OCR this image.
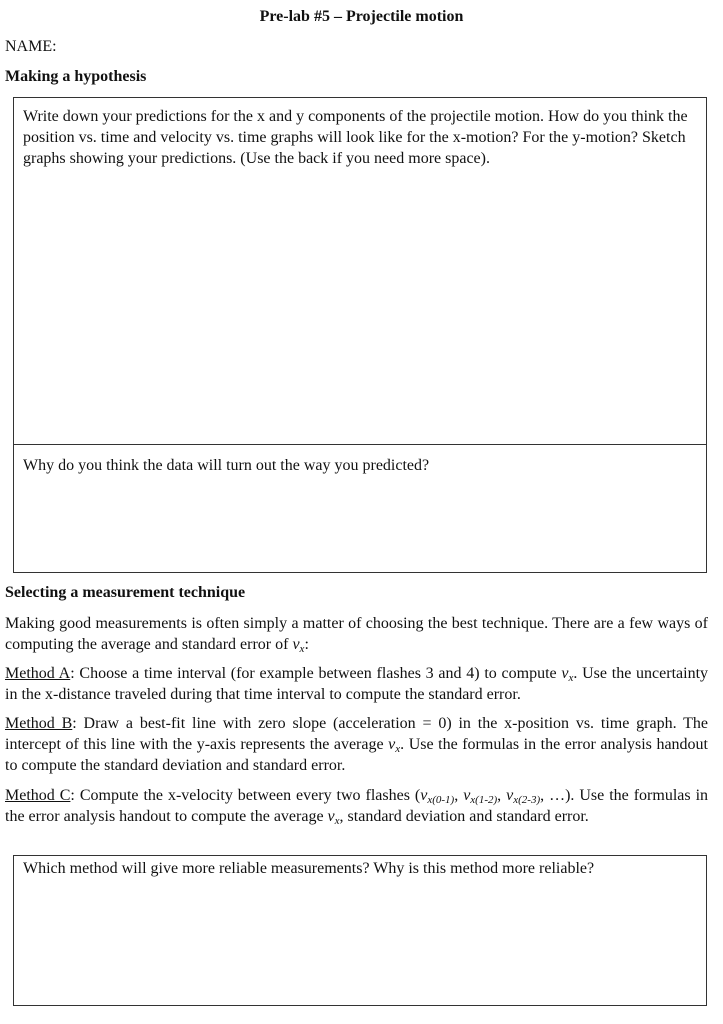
Pre-lab #5 – Projectile motion
NAME:
Making a hypothesis
Write down your predictions for the x and y components of the projectile motion. How do you think the position vs. time and velocity vs. time graphs will look like for the x-motion? For the y-motion? Sketch graphs showing your predictions. (Use the back if you need more space).
Why do you think the data will turn out the way you predicted?
Selecting a measurement technique
Making good measurements is often simply a matter of choosing the best technique. There are a few ways of computing the average and standard error of $v_x$:
Method A: Choose a time interval (for example between flashes 3 and 4) to compute $v_x$. Use the uncertainty in the x-distance traveled during that time interval to compute the standard error.
Method B: Draw a best-fit line with zero slope (acceleration = 0) in the x-position vs. time graph. The intercept of this line with the y-axis represents the average $v_x$. Use the formulas in the error analysis handout to compute the standard deviation and standard error.
Method C: Compute the x-velocity between every two flashes ($v_{x(0-1)}$, $v_{x(1-2)}$, $v_{x(2-3)}$, …). Use the formulas in the error analysis handout to compute the average $v_x$, standard deviation and standard error.
Which method will give more reliable measurements? Why is this method more reliable?
